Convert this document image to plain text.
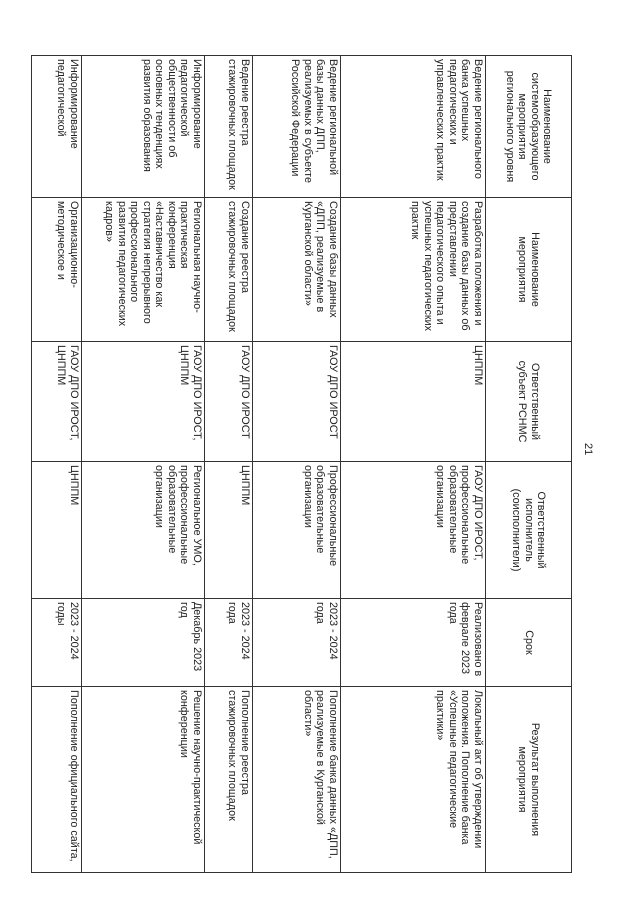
21
Наименование системообразующего мероприятия регионального уровня	Наименование мероприятия	Ответственный субъект РСНМС	Ответственный исполнитель (соисполнители)	Срок	Результат выполнения мероприятия
Ведение регионального банка успешных педагогических и управленческих практик	Разработка положения и создание базы данных об представлении педагогического опыта и успешных педагогических практик	ЦНППМ	ГАОУ ДПО ИРОСТ, профессиональные образовательные организации	Реализовано в феврале 2023 года	Локальный акт об утверждении положения. Пополнение банка «Успешные педагогические практики»
Ведение региональной базы данных ДПП, реализуемых в субъекте Российской Федерации	Создание базы данных «ДПП, реализуемые в Курганской области»	ГАОУ ДПО ИРОСТ	Профессиональные образовательные организации	2023 - 2024 года	Пополнение банка данных «ДПП, реализуемые в Курганской области»
Ведение реестра стажировочных площадок	Создание реестра стажировочных площадок	ГАОУ ДПО ИРОСТ	ЦНППМ	2023 - 2024 года	Пополнение реестра стажировочных площадок
Информирование педагогической общественности об основных тенденциях развития образования	Региональная научно-практическая конференция «Наставничество как стратегия непрерывного профессионального развития педагогических кадров»	ГАОУ ДПО ИРОСТ, ЦНППМ	Региональное УМО, профессиональные образовательные организации	Декабрь 2023 год	Решение научно-практической конференции
Информирование педагогической	Организационно-методическое и	ГАОУ ДПО ИРОСТ, ЦНППМ	ЦНППМ	2023 - 2024 годы	Пополнение официального сайта,
